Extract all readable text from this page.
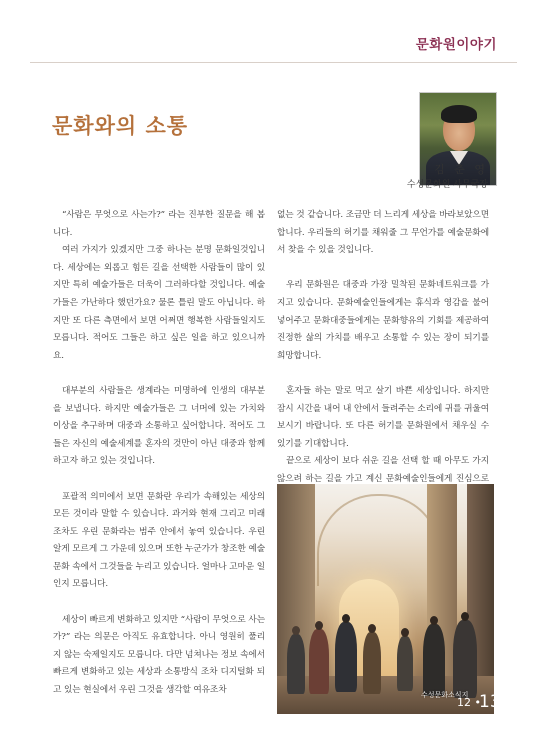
문화원이야기
문화와의 소통
김 춘 영
수성문화원 사무국장

“사람은 무엇으로 사는가?” 라는 진부한 질문을 해 봅니다.

여러 가지가 있겠지만 그중 하나는 분명 문화일것입니다. 세상에는 외롭고 힘든 길을 선택한 사람들이 많이 있지만 특히 예술가들은 더욱이 그러하다할 것입니다. 예술가들은 가난하다 했던가요? 물론 틀린 말도 아닙니다. 하지만 또 다른 측면에서 보면 어쩌면 행복한 사람들일지도 모릅니다. 적어도 그들은 하고 싶은 일을 하고 있으니까요.

대부분의 사람들은 생계라는 미명하에 인생의 대부분을 보냅니다. 하지만 예술가들은 그 너머에 있는 가치와 이상을 추구하며 대중과 소통하고 싶어합니다. 적어도 그들은 자신의 예술세계를 혼자의 것만이 아닌 대중과 함께 하고자 하고 있는 것입니다.

포괄적 의미에서 보면 문화란 우리가 속해있는 세상의 모든 것이라 말할 수 있습니다. 과거와 현재 그리고 미래 조차도 우린 문화라는 범주 안에서 놓여 있습니다. 우린 알게 모르게 그 가운데 있으며 또한 누군가가 창조한 예술문화 속에서 그것들을 누리고 있습니다. 얼마나 고마운 일인지 모릅니다.

세상이 빠르게 변화하고 있지만 “사람이 무엇으로 사는가?” 라는 의문은 아직도 유효합니다. 아니 영원히 풀리지 않는 숙제일지도 모릅니다. 다만 넘쳐나는 정보 속에서 빠르게 변화하고 있는 세상과 소통방식 조차 디지털화 되고 있는 현실에서 우린 그것을 생각할 여유조차

없는 것 같습니다. 조금만 더 느리게 세상을 바라보았으면 합니다. 우리들의 허기를 채워줄 그 무언가를 예술문화에서 찾을 수 있을 것입니다.

우리 문화원은 대중과 가장 밀착된 문화네트워크를 가지고 있습니다. 문화예술인들에게는 휴식과 영감을 불어넣어주고 문화대중들에게는 문화향유의 기회를 제공하여 진정한 삶의 가치를 배우고 소통할 수 있는 장이 되기를 희망합니다.

혼자들 하는 말로 먹고 살기 바쁜 세상입니다. 하지만 잠시 시간을 내어 내 안에서 들려주는 소리에 귀를 귀울여 보시기 바랍니다. 또 다른 허기를 문화원에서 채우실 수 있기를 기대합니다.

끝으로 세상이 보다 쉬운 길을 선택 할 때 아무도 가지 않으려 하는 길을 가고 계신 문화예술인들에게 진심으로

수성문화소식지
12 •
13
